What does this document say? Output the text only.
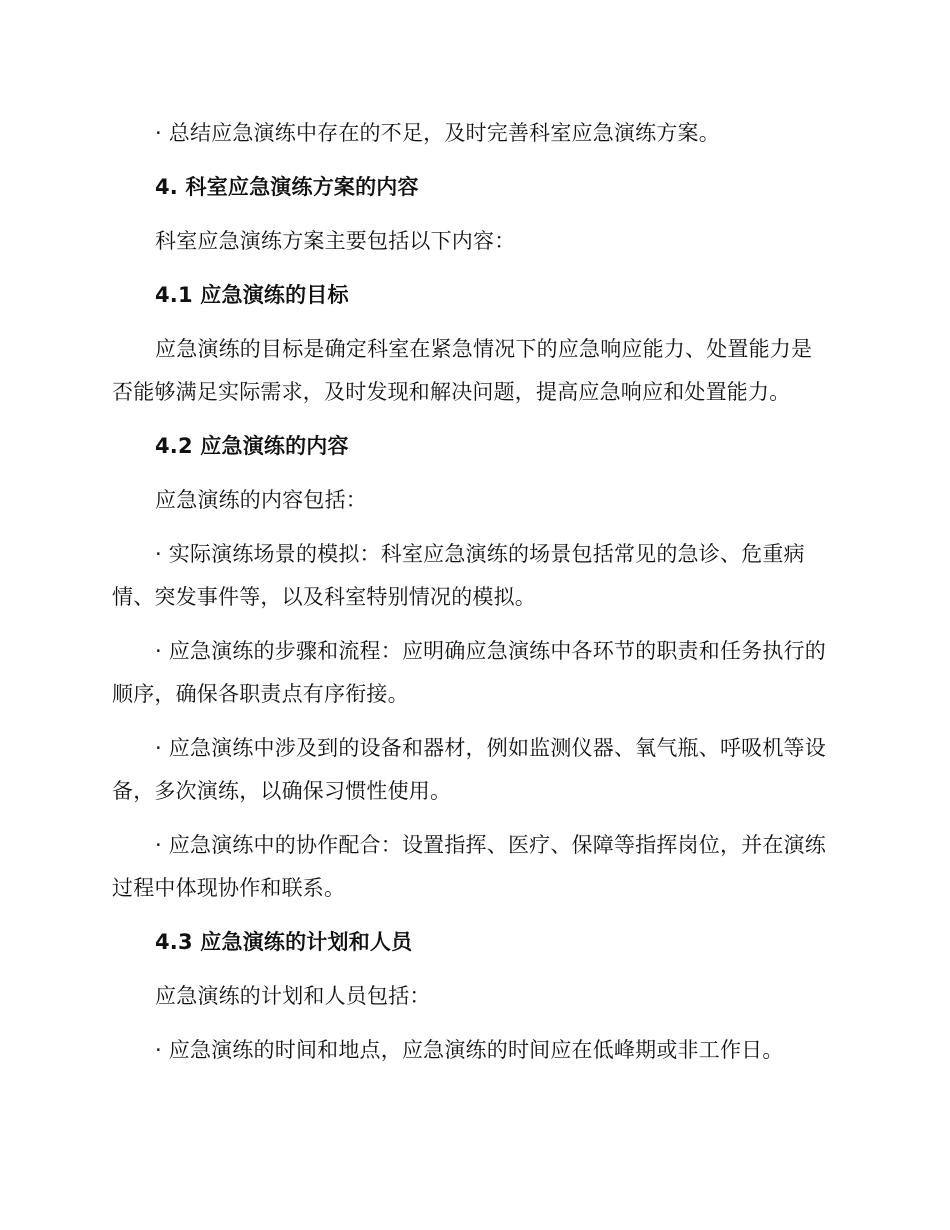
· 总结应急演练中存在的不足，及时完善科室应急演练方案。

4. 科室应急演练方案的内容

科室应急演练方案主要包括以下内容：

4.1 应急演练的目标

应急演练的目标是确定科室在紧急情况下的应急响应能力、处置能力是否能够满足实际需求，及时发现和解决问题，提高应急响应和处置能力。

4.2 应急演练的内容

应急演练的内容包括：

· 实际演练场景的模拟：科室应急演练的场景包括常见的急诊、危重病情、突发事件等，以及科室特别情况的模拟。

· 应急演练的步骤和流程：应明确应急演练中各环节的职责和任务执行的顺序，确保各职责点有序衔接。

· 应急演练中涉及到的设备和器材，例如监测仪器、氧气瓶、呼吸机等设备，多次演练，以确保习惯性使用。

· 应急演练中的协作配合：设置指挥、医疗、保障等指挥岗位，并在演练过程中体现协作和联系。

4.3 应急演练的计划和人员

应急演练的计划和人员包括：

· 应急演练的时间和地点，应急演练的时间应在低峰期或非工作日。
